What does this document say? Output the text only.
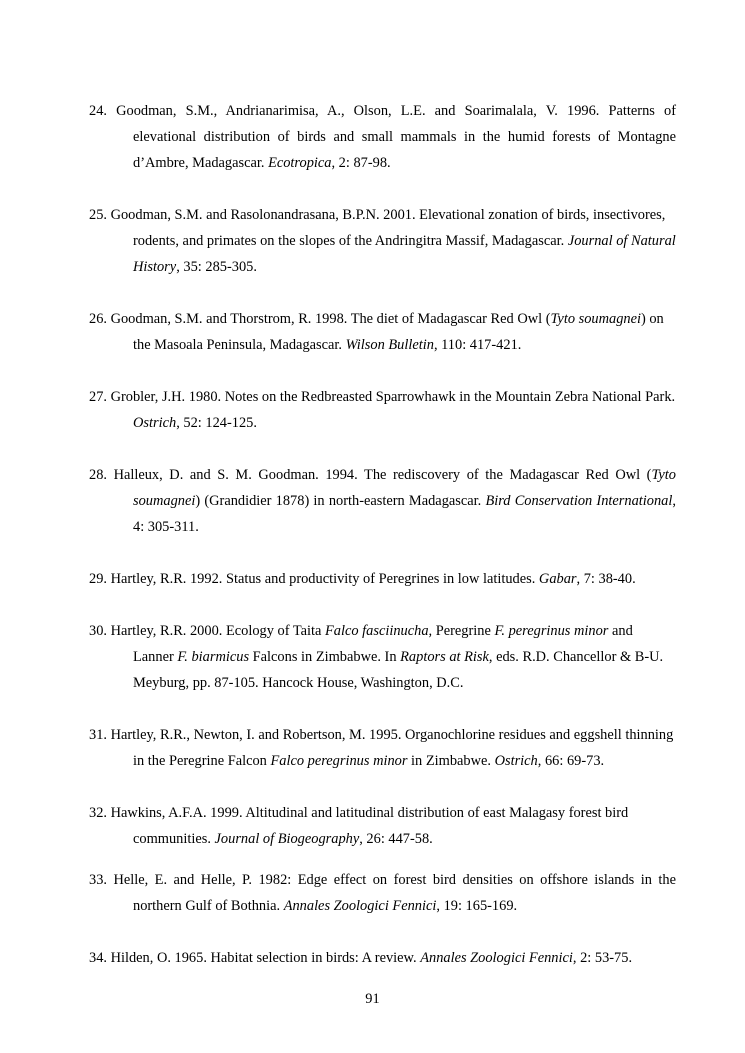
24. Goodman, S.M., Andrianarimisa, A., Olson, L.E. and Soarimalala, V. 1996. Patterns of elevational distribution of birds and small mammals in the humid forests of Montagne d’Ambre, Madagascar. Ecotropica, 2: 87-98.

25. Goodman, S.M. and Rasolonandrasana, B.P.N. 2001. Elevational zonation of birds, insectivores, rodents, and primates on the slopes of the Andringitra Massif, Madagascar. Journal of Natural History, 35: 285-305.

26. Goodman, S.M. and Thorstrom, R. 1998. The diet of Madagascar Red Owl (Tyto soumagnei) on the Masoala Peninsula, Madagascar. Wilson Bulletin, 110: 417-421.

27. Grobler, J.H. 1980. Notes on the Redbreasted Sparrowhawk in the Mountain Zebra National Park. Ostrich, 52: 124-125.

28. Halleux, D. and S. M. Goodman. 1994. The rediscovery of the Madagascar Red Owl (Tyto soumagnei) (Grandidier 1878) in north-eastern Madagascar. Bird Conservation International, 4: 305-311.

29. Hartley, R.R. 1992. Status and productivity of Peregrines in low latitudes. Gabar, 7: 38-40.

30. Hartley, R.R. 2000. Ecology of Taita Falco fasciinucha, Peregrine F. peregrinus minor and Lanner F. biarmicus Falcons in Zimbabwe. In Raptors at Risk, eds. R.D. Chancellor & B-U. Meyburg, pp. 87-105. Hancock House, Washington, D.C.

31. Hartley, R.R., Newton, I. and Robertson, M. 1995. Organochlorine residues and eggshell thinning in the Peregrine Falcon Falco peregrinus minor in Zimbabwe. Ostrich, 66: 69-73.

32. Hawkins, A.F.A. 1999. Altitudinal and latitudinal distribution of east Malagasy forest bird communities. Journal of Biogeography, 26: 447-58.

33. Helle, E. and Helle, P. 1982: Edge effect on forest bird densities on offshore islands in the northern Gulf of Bothnia. Annales Zoologici Fennici, 19: 165-169.

34. Hilden, O. 1965. Habitat selection in birds: A review. Annales Zoologici Fennici, 2: 53-75.

91
